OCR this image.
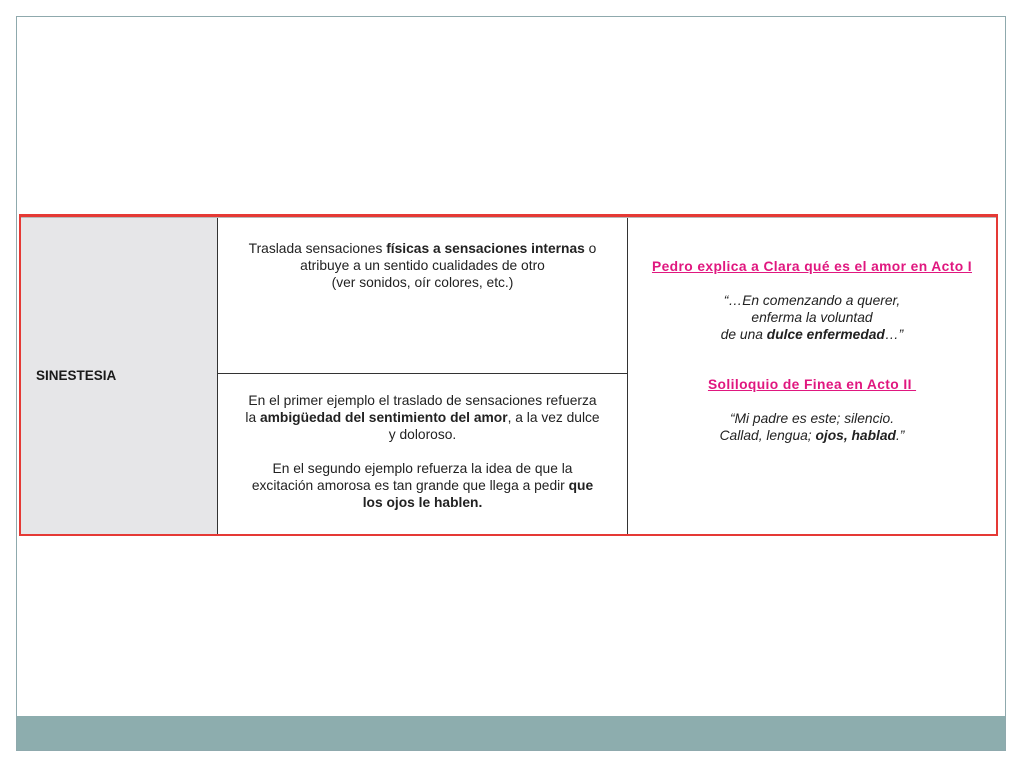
SINESTESIA
Traslada sensaciones físicas a sensaciones internas o
atribuye a un sentido cualidades de otro
(ver sonidos, oír colores, etc.)

En el primer ejemplo el traslado de sensaciones refuerza
la ambigüedad del sentimiento del amor, a la vez dulce
y doloroso.

En el segundo ejemplo refuerza la idea de que la
excitación amorosa es tan grande que llega a pedir que
los ojos le hablen.

Pedro explica a Clara qué es el amor en Acto I
“…En comenzando a querer,
enferma la voluntad
de una dulce enfermedad…”
Soliloquio de Finea en Acto II
“Mi padre es este; silencio.
Callad, lengua; ojos, hablad.”
